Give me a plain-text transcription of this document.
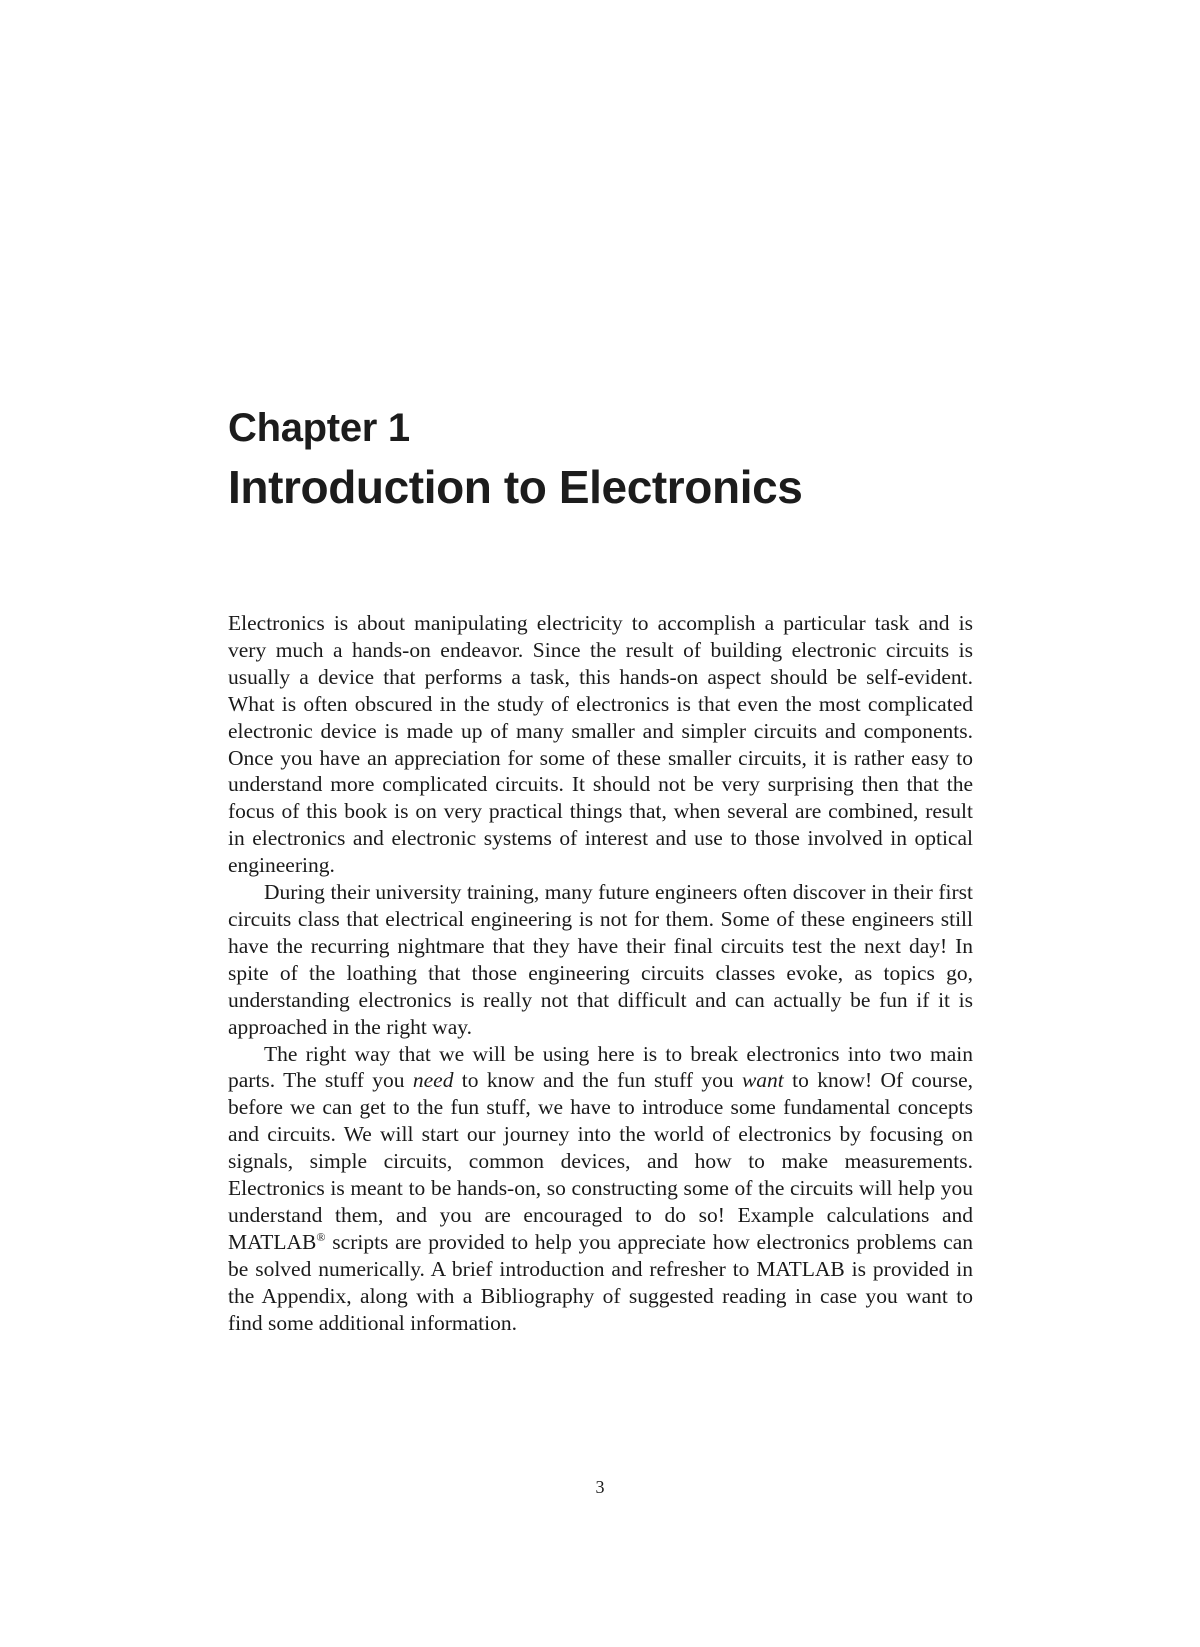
Chapter 1
Introduction to Electronics

Electronics is about manipulating electricity to accomplish a particular task and is very much a hands-on endeavor. Since the result of building electronic circuits is usually a device that performs a task, this hands-on aspect should be self-evident. What is often obscured in the study of electronics is that even the most complicated electronic device is made up of many smaller and simpler circuits and components. Once you have an appreciation for some of these smaller circuits, it is rather easy to understand more complicated circuits. It should not be very surprising then that the focus of this book is on very practical things that, when several are combined, result in electronics and electronic systems of interest and use to those involved in optical engineering.

During their university training, many future engineers often discover in their first circuits class that electrical engineering is not for them. Some of these engineers still have the recurring nightmare that they have their final circuits test the next day! In spite of the loathing that those engineering circuits classes evoke, as topics go, understanding electronics is really not that difficult and can actually be fun if it is approached in the right way.

The right way that we will be using here is to break electronics into two main parts. The stuff you need to know and the fun stuff you want to know! Of course, before we can get to the fun stuff, we have to introduce some fundamental concepts and circuits. We will start our journey into the world of electronics by focusing on signals, simple circuits, common devices, and how to make measurements. Electronics is meant to be hands-on, so constructing some of the circuits will help you understand them, and you are encouraged to do so! Example calculations and MATLAB® scripts are provided to help you appreciate how electronics problems can be solved numerically. A brief introduction and refresher to MATLAB is provided in the Appendix, along with a Bibliography of suggested reading in case you want to find some additional information.

3
